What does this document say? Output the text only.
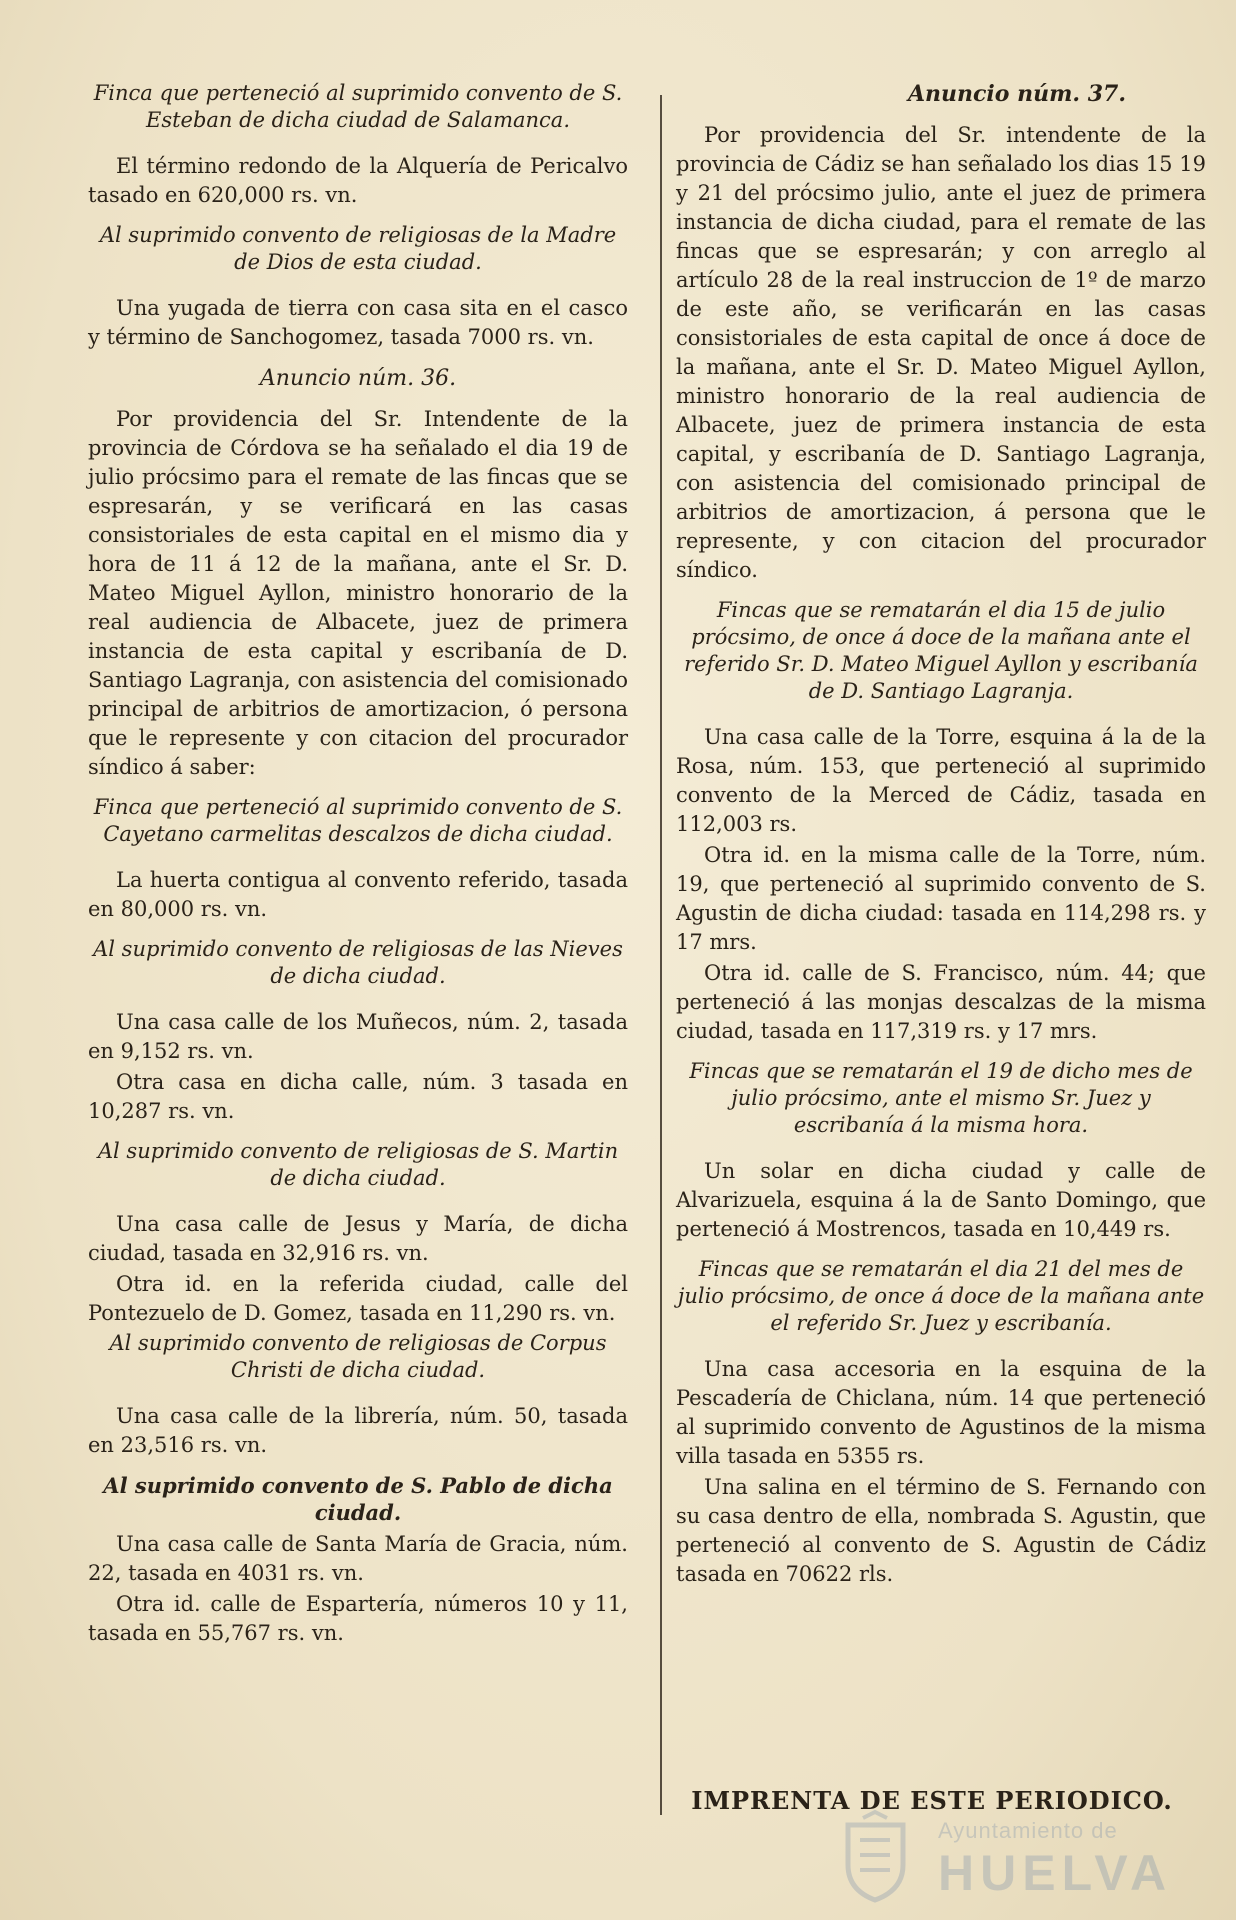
Finca que perteneció al suprimido convento de S. Esteban de dicha ciudad de Salamanca.

El término redondo de la Alquería de Pericalvo tasado en 620,000 rs. vn.

Al suprimido convento de religiosas de la Madre de Dios de esta ciudad.

Una yugada de tierra con casa sita en el casco y término de Sanchogomez, tasada 7000 rs. vn.

Anuncio núm. 36.

Por providencia del Sr. Intendente de la provincia de Córdova se ha señalado el dia 19 de julio prócsimo para el remate de las fincas que se espresarán, y se verificará en las casas consistoriales de esta capital en el mismo dia y hora de 11 á 12 de la mañana, ante el Sr. D. Mateo Miguel Ayllon, ministro honorario de la real audiencia de Albacete, juez de primera instancia de esta capital y escribanía de D. Santiago Lagranja, con asistencia del comisionado principal de arbitrios de amortizacion, ó persona que le represente y con citacion del procurador síndico á saber:

Finca que perteneció al suprimido convento de S. Cayetano carmelitas descalzos de dicha ciudad.

La huerta contigua al convento referido, tasada en 80,000 rs. vn.

Al suprimido convento de religiosas de las Nieves de dicha ciudad.

Una casa calle de los Muñecos, núm. 2, tasada en 9,152 rs. vn.

Otra casa en dicha calle, núm. 3 tasada en 10,287 rs. vn.

Al suprimido convento de religiosas de S. Martin de dicha ciudad.

Una casa calle de Jesus y María, de dicha ciudad, tasada en 32,916 rs. vn.

Otra id. en la referida ciudad, calle del Pontezuelo de D. Gomez, tasada en 11,290 rs. vn.

Al suprimido convento de religiosas de Corpus Christi de dicha ciudad.

Una casa calle de la librería, núm. 50, tasada en 23,516 rs. vn.

Al suprimido convento de S. Pablo de dicha ciudad.

Una casa calle de Santa María de Gracia, núm. 22, tasada en 4031 rs. vn.

Otra id. calle de Espartería, números 10 y 11, tasada en 55,767 rs. vn.

Anuncio núm. 37.

Por providencia del Sr. intendente de la provincia de Cádiz se han señalado los dias 15 19 y 21 del prócsimo julio, ante el juez de primera instancia de dicha ciudad, para el remate de las fincas que se espresarán; y con arreglo al artículo 28 de la real instruccion de 1º de marzo de este año, se verificarán en las casas consistoriales de esta capital de once á doce de la mañana, ante el Sr. D. Mateo Miguel Ayllon, ministro honorario de la real audiencia de Albacete, juez de primera instancia de esta capital, y escribanía de D. Santiago Lagranja, con asistencia del comisionado principal de arbitrios de amortizacion, á persona que le represente, y con citacion del procurador síndico.

Fincas que se rematarán el dia 15 de julio prócsimo, de once á doce de la mañana ante el referido Sr. D. Mateo Miguel Ayllon y escribanía de D. Santiago Lagranja.

Una casa calle de la Torre, esquina á la de la Rosa, núm. 153, que perteneció al suprimido convento de la Merced de Cádiz, tasada en 112,003 rs.

Otra id. en la misma calle de la Torre, núm. 19, que perteneció al suprimido convento de S. Agustin de dicha ciudad: tasada en 114,298 rs. y 17 mrs.

Otra id. calle de S. Francisco, núm. 44; que perteneció á las monjas descalzas de la misma ciudad, tasada en 117,319 rs. y 17 mrs.

Fincas que se rematarán el 19 de dicho mes de julio prócsimo, ante el mismo Sr. Juez y escribanía á la misma hora.

Un solar en dicha ciudad y calle de Alvarizuela, esquina á la de Santo Domingo, que perteneció á Mostrencos, tasada en 10,449 rs.

Fincas que se rematarán el dia 21 del mes de julio prócsimo, de once á doce de la mañana ante el referido Sr. Juez y escribanía.

Una casa accesoria en la esquina de la Pescadería de Chiclana, núm. 14 que perteneció al suprimido convento de Agustinos de la misma villa tasada en 5355 rs.

Una salina en el término de S. Fernando con su casa dentro de ella, nombrada S. Agustin, que perteneció al convento de S. Agustin de Cádiz tasada en 70622 rls.

IMPRENTA DE ESTE PERIODICO.
Ayuntamiento de
HUELVA
